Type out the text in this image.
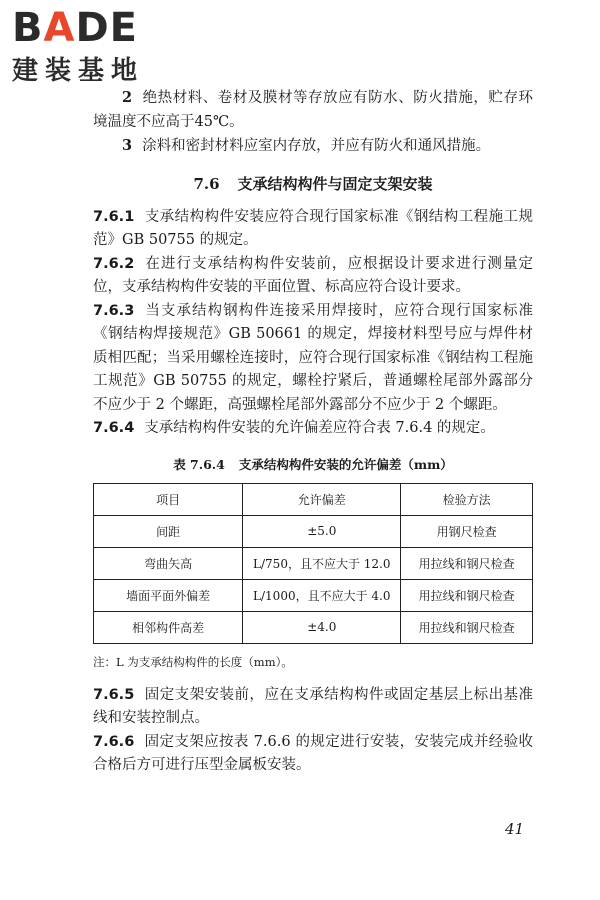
BADE
建装基地

2 绝热材料、卷材及膜材等存放应有防水、防火措施，贮存环境温度不应高于45℃。

3 涂料和密封材料应室内存放，并应有防火和通风措施。

7.6 支承结构构件与固定支架安装

7.6.1 支承结构构件安装应符合现行国家标准《钢结构工程施工规范》GB 50755 的规定。

7.6.2 在进行支承结构构件安装前，应根据设计要求进行测量定位，支承结构构件安装的平面位置、标高应符合设计要求。

7.6.3 当支承结构钢构件连接采用焊接时，应符合现行国家标准《钢结构焊接规范》GB 50661 的规定，焊接材料型号应与焊件材质相匹配；当采用螺栓连接时，应符合现行国家标准《钢结构工程施工规范》GB 50755 的规定，螺栓拧紧后，普通螺栓尾部外露部分不应少于 2 个螺距，高强螺栓尾部外露部分不应少于 2 个螺距。

7.6.4 支承结构构件安装的允许偏差应符合表 7.6.4 的规定。

表 7.6.4 支承结构构件安装的允许偏差（mm）
项目	允许偏差	检验方法
间距	±5.0	用钢尺检查
弯曲矢高	L/750，且不应大于 12.0	用拉线和钢尺检查
墙面平面外偏差	L/1000，且不应大于 4.0	用拉线和钢尺检查
相邻构件高差	±4.0	用拉线和钢尺检查

注：L 为支承结构构件的长度（mm）。

7.6.5 固定支架安装前，应在支承结构构件或固定基层上标出基准线和安装控制点。

7.6.6 固定支架应按表 7.6.6 的规定进行安装，安装完成并经验收合格后方可进行压型金属板安装。

41
